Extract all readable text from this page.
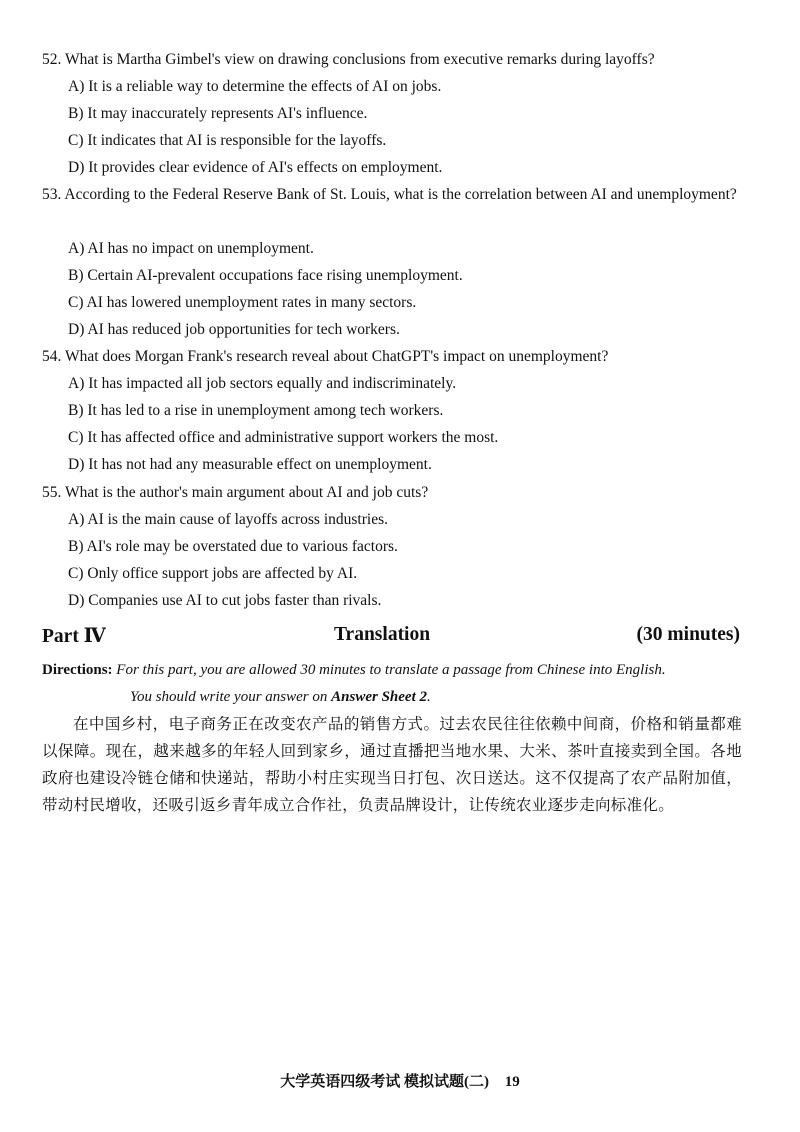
52. What is Martha Gimbel's view on drawing conclusions from executive remarks during layoffs?
A) It is a reliable way to determine the effects of AI on jobs.
B) It may inaccurately represents AI's influence.
C) It indicates that AI is responsible for the layoffs.
D) It provides clear evidence of AI's effects on employment.
53. According to the Federal Reserve Bank of St. Louis, what is the correlation between AI and unemployment?
A) AI has no impact on unemployment.
B) Certain AI-prevalent occupations face rising unemployment.
C) AI has lowered unemployment rates in many sectors.
D) AI has reduced job opportunities for tech workers.
54. What does Morgan Frank's research reveal about ChatGPT's impact on unemployment?
A) It has impacted all job sectors equally and indiscriminately.
B) It has led to a rise in unemployment among tech workers.
C) It has affected office and administrative support workers the most.
D) It has not had any measurable effect on unemployment.
55. What is the author's main argument about AI and job cuts?
A) AI is the main cause of layoffs across industries.
B) AI's role may be overstated due to various factors.
C) Only office support jobs are affected by AI.
D) Companies use AI to cut jobs faster than rivals.
Part Ⅳ	Translation	(30 minutes)
Directions: For this part, you are allowed 30 minutes to translate a passage from Chinese into English.
You should write your answer on Answer Sheet 2.
在中国乡村，电子商务正在改变农产品的销售方式。过去农民往往依赖中间商，价格和销量都难以保障。现在，越来越多的年轻人回到家乡，通过直播把当地水果、大米、茶叶直接卖到全国。各地政府也建设冷链仓储和快递站，帮助小村庄实现当日打包、次日送达。这不仅提高了农产品附加值，带动村民增收，还吸引返乡青年成立合作社，负责品牌设计，让传统农业逐步走向标准化。
大学英语四级考试 模拟试题(二) 19
